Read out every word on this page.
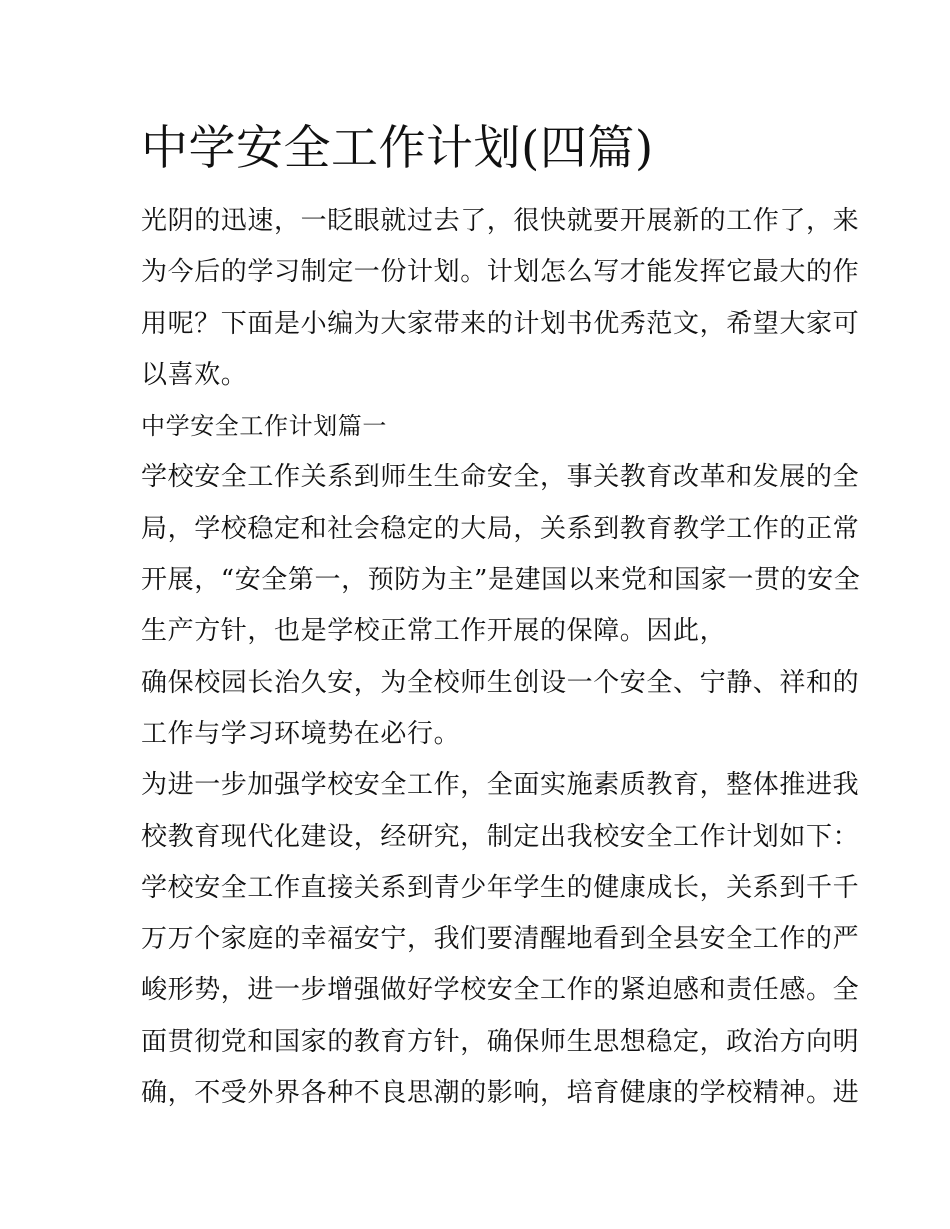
中学安全工作计划(四篇)
光阴的迅速，一眨眼就过去了，很快就要开展新的工作了，来
为今后的学习制定一份计划。计划怎么写才能发挥它最大的作
用呢？下面是小编为大家带来的计划书优秀范文，希望大家可
以喜欢。
中学安全工作计划篇一
学校安全工作关系到师生生命安全，事关教育改革和发展的全
局，学校稳定和社会稳定的大局，关系到教育教学工作的正常
开展，“安全第一，预防为主”是建国以来党和国家一贯的安全
生产方针，也是学校正常工作开展的保障。因此，
确保校园长治久安，为全校师生创设一个安全、宁静、祥和的
工作与学习环境势在必行。
为进一步加强学校安全工作，全面实施素质教育，整体推进我
校教育现代化建设，经研究，制定出我校安全工作计划如下：
学校安全工作直接关系到青少年学生的健康成长，关系到千千
万万个家庭的幸福安宁，我们要清醒地看到全县安全工作的严
峻形势，进一步增强做好学校安全工作的紧迫感和责任感。全
面贯彻党和国家的教育方针，确保师生思想稳定，政治方向明
确，不受外界各种不良思潮的影响，培育健康的学校精神。进
